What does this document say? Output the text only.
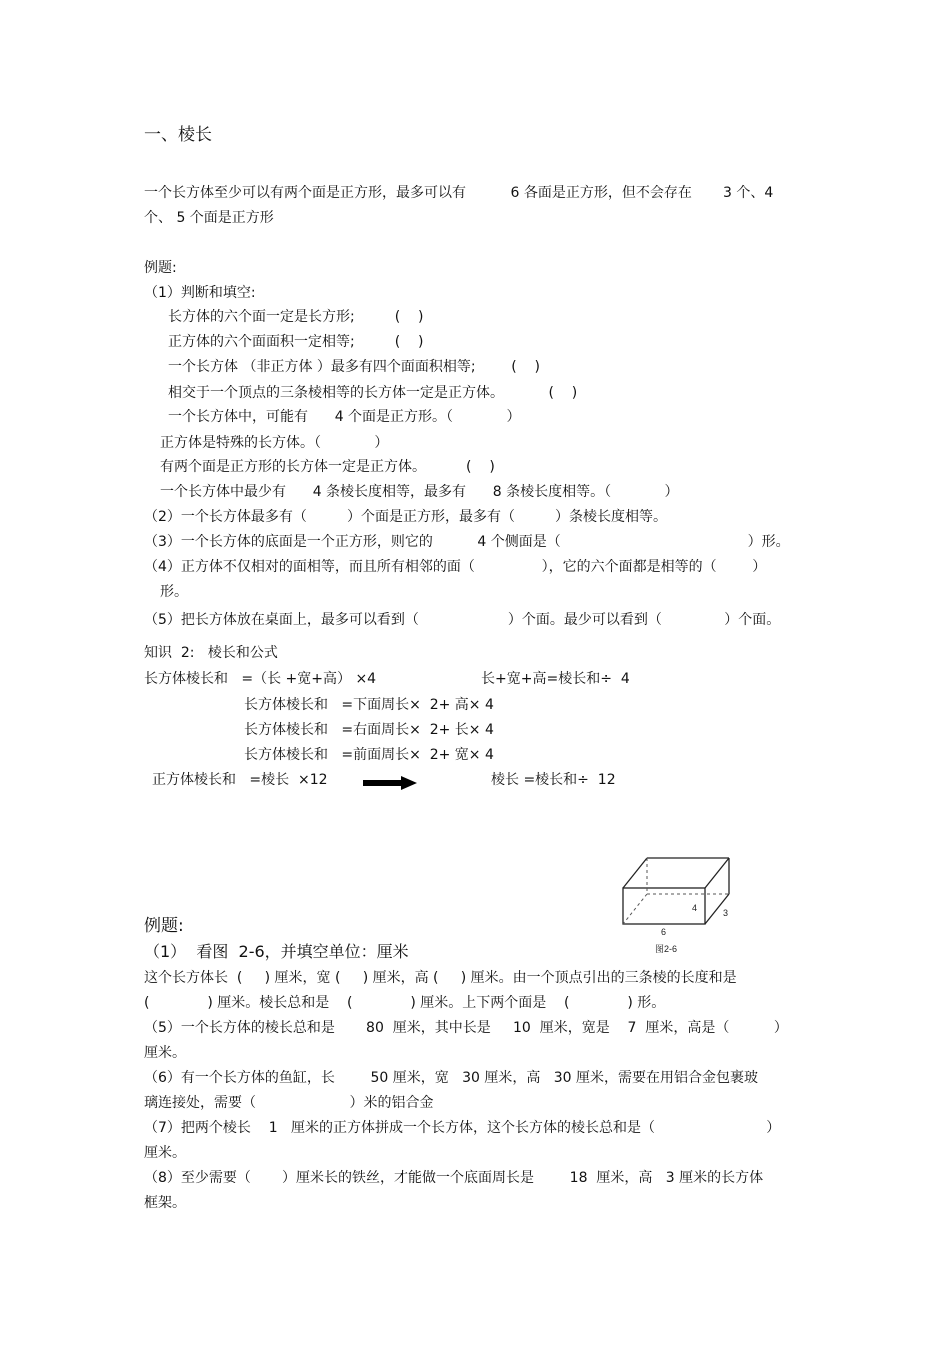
一、棱长
一个长方体至少可以有两个面是正方形，最多可以有          6 各面是正方形，但不会存在       3 个、4
个、 5 个面是正方形
例题:
（1）判断和填空:
长方体的六个面一定是长方形;         (    )
正方体的六个面面积一定相等;         (    )
一个长方体 （非正方体 ）最多有四个面面积相等;        (    )
相交于一个顶点的三条棱相等的长方体一定是正方体。          (    )
一个长方体中，可能有      4 个面是正方形。（            ）
正方体是特殊的长方体。（            ）
有两个面是正方形的长方体一定是正方体。         (    )
一个长方体中最少有      4 条棱长度相等，最多有      8 条棱长度相等。（            ）
（2）一个长方体最多有（         ）个面是正方形，最多有（         ）条棱长度相等。
（3）一个长方体的底面是一个正方形，则它的          4 个侧面是（                                          ）形。
（4）正方体不仅相对的面相等，而且所有相邻的面（               ），它的六个面都是相等的（        ）
形。
（5）把长方体放在桌面上，最多可以看到（                    ）个面。最少可以看到（              ）个面。
知识  2:   棱长和公式
长方体棱长和   =（长 +宽+高） ×4	长+宽+高=棱长和÷  4
长方体棱长和   =下面周长×  2+ 高× 4
长方体棱长和   =右面周长×  2+ 长× 4
长方体棱长和   =前面周长×  2+ 宽× 4
正方体棱长和   =棱长  ×12	棱长 =棱长和÷  12
4	3
6
图2-6
例题:
（1）  看图  2-6，并填空单位：厘米
这个长方体长  (     ) 厘米，宽 (     ) 厘米，高 (     ) 厘米。由一个顶点引出的三条棱的长度和是
(             ) 厘米。棱长总和是    (             ) 厘米。上下两个面是    (             ) 形。
（5）一个长方体的棱长总和是       80  厘米，其中长是     10  厘米，宽是    7  厘米，高是（          ）
厘米。
（6）有一个长方体的鱼缸，长        50 厘米，宽   30 厘米，高   30 厘米，需要在用铝合金包裹玻
璃连接处，需要（                     ）米的铝合金
（7）把两个棱长    1   厘米的正方体拼成一个长方体，这个长方体的棱长总和是（                         ）
厘米。
（8）至少需要（       ）厘米长的铁丝，才能做一个底面周长是        18  厘米，高   3 厘米的长方体
框架。
